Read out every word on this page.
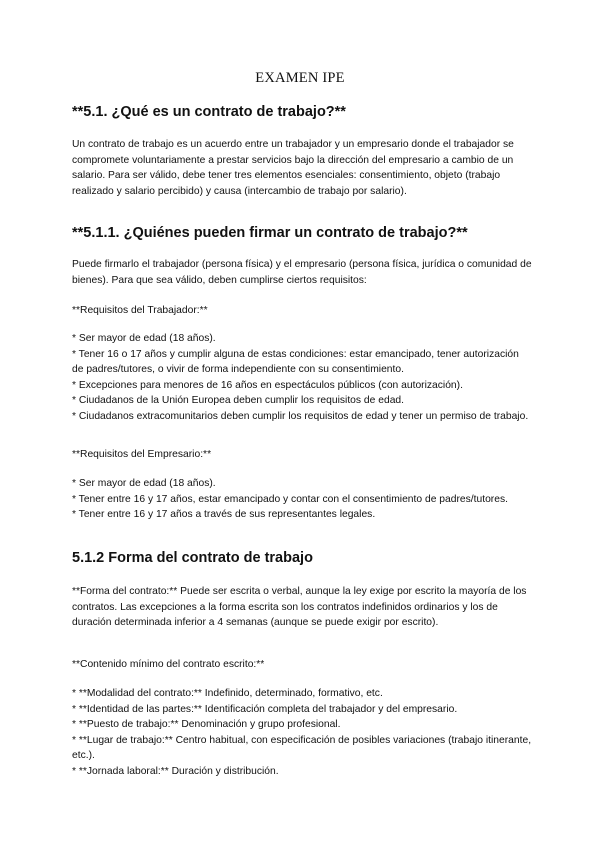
EXAMEN IPE
**5.1. ¿Qué es un contrato de trabajo?**

Un contrato de trabajo es un acuerdo entre un trabajador y un empresario donde el trabajador se compromete voluntariamente a prestar servicios bajo la dirección del empresario a cambio de un salario. Para ser válido, debe tener tres elementos esenciales: consentimiento, objeto (trabajo realizado y salario percibido) y causa (intercambio de trabajo por salario).

**5.1.1. ¿Quiénes pueden firmar un contrato de trabajo?**

Puede firmarlo el trabajador (persona física) y el empresario (persona física, jurídica o comunidad de bienes). Para que sea válido, deben cumplirse ciertos requisitos:

**Requisitos del Trabajador:**

* Ser mayor de edad (18 años).
* Tener 16 o 17 años y cumplir alguna de estas condiciones: estar emancipado, tener autorización de padres/tutores, o vivir de forma independiente con su consentimiento.
* Excepciones para menores de 16 años en espectáculos públicos (con autorización).
* Ciudadanos de la Unión Europea deben cumplir los requisitos de edad.
* Ciudadanos extracomunitarios deben cumplir los requisitos de edad y tener un permiso de trabajo.

**Requisitos del Empresario:**

* Ser mayor de edad (18 años).
* Tener entre 16 y 17 años, estar emancipado y contar con el consentimiento de padres/tutores.
* Tener entre 16 y 17 años a través de sus representantes legales.
5.1.2 Forma del contrato de trabajo

**Forma del contrato:** Puede ser escrita o verbal, aunque la ley exige por escrito la mayoría de los contratos. Las excepciones a la forma escrita son los contratos indefinidos ordinarios y los de duración determinada inferior a 4 semanas (aunque se puede exigir por escrito).

**Contenido mínimo del contrato escrito:**

* **Modalidad del contrato:** Indefinido, determinado, formativo, etc.
* **Identidad de las partes:** Identificación completa del trabajador y del empresario.
* **Puesto de trabajo:** Denominación y grupo profesional.
* **Lugar de trabajo:** Centro habitual, con especificación de posibles variaciones (trabajo itinerante, etc.).
* **Jornada laboral:** Duración y distribución.
